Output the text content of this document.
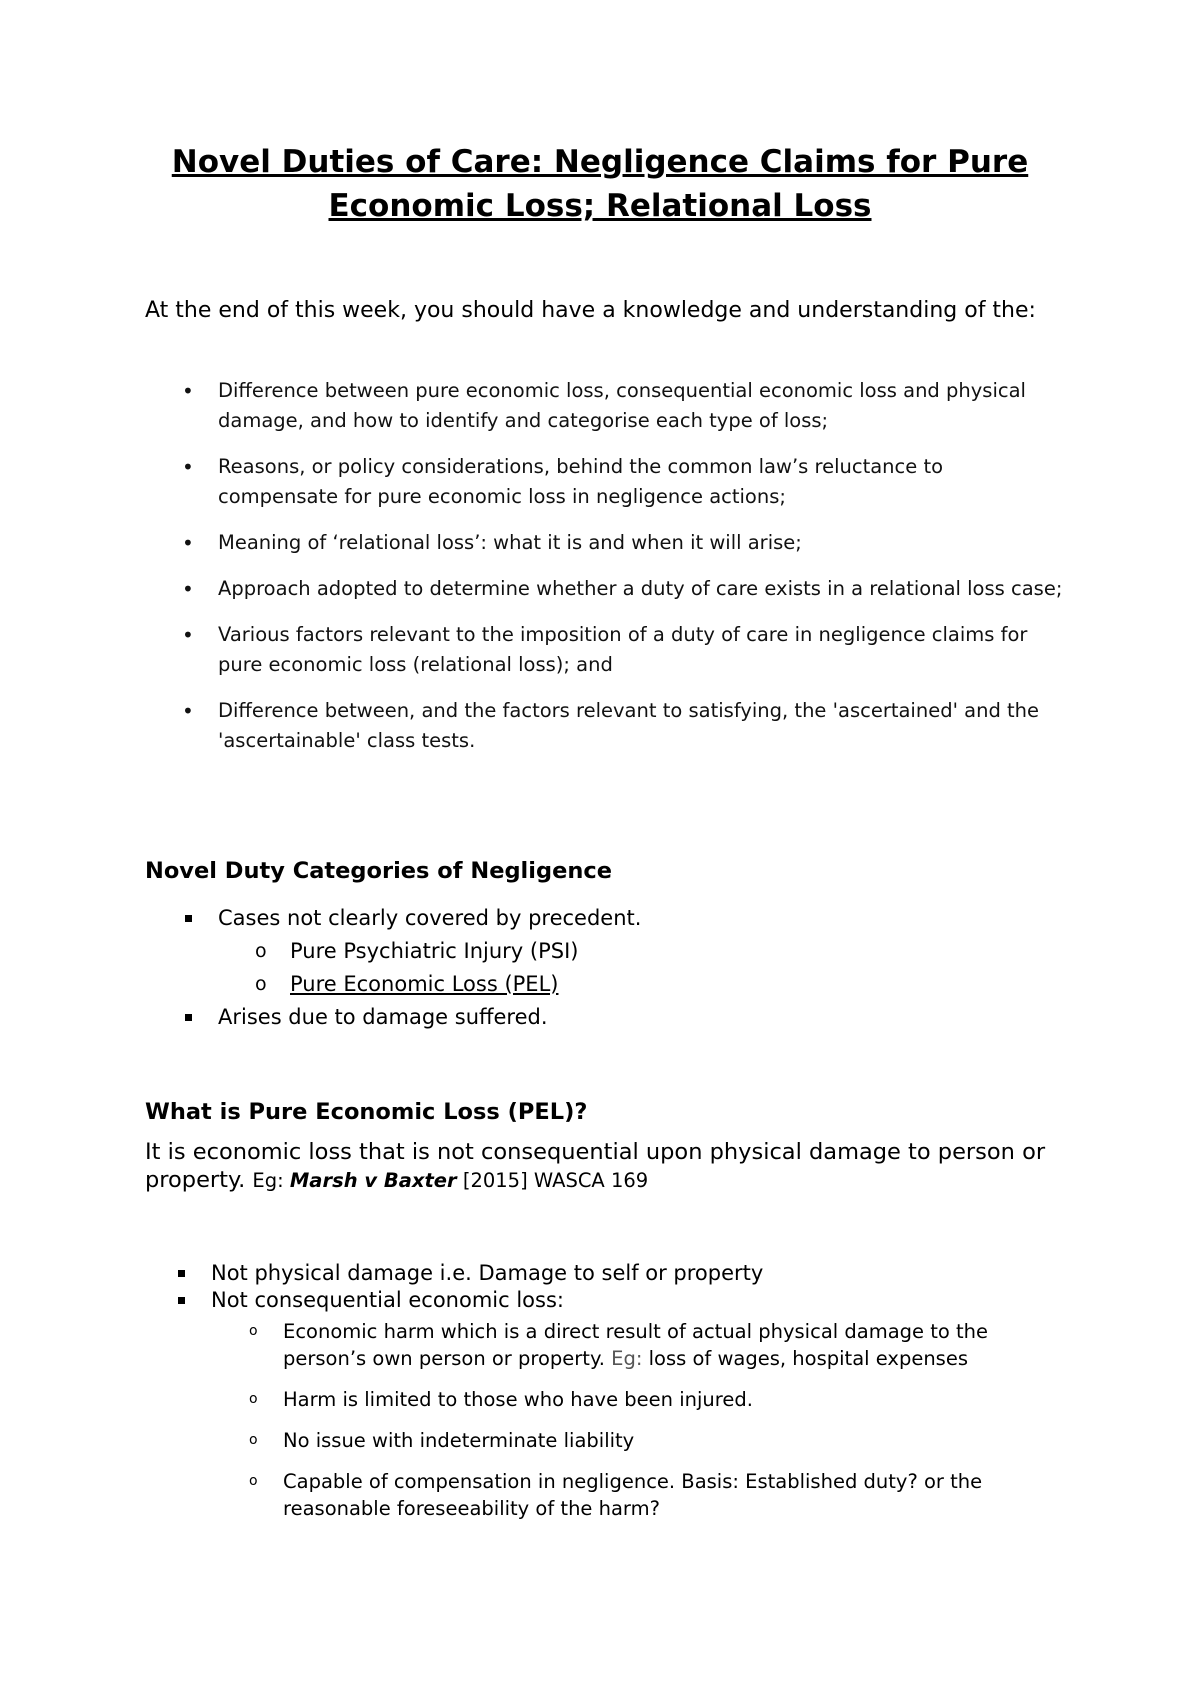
Novel Duties of Care: Negligence Claims for Pure
Economic Loss; Relational Loss
At the end of this week, you should have a knowledge and understanding of the:
• Difference between pure economic loss, consequential economic loss and physical damage, and how to identify and categorise each type of loss;
• Reasons, or policy considerations, behind the common law’s reluctance to compensate for pure economic loss in negligence actions;
• Meaning of ‘relational loss’: what it is and when it will arise;
• Approach adopted to determine whether a duty of care exists in a relational loss case;
• Various factors relevant to the imposition of a duty of care in negligence claims for pure economic loss (relational loss); and
• Difference between, and the factors relevant to satisfying, the 'ascertained' and the 'ascertainable' class tests.
Novel Duty Categories of Negligence
Cases not clearly covered by precedent.
o Pure Psychiatric Injury (PSI)
o Pure Economic Loss (PEL)
Arises due to damage suffered.
What is Pure Economic Loss (PEL)?
It is economic loss that is not consequential upon physical damage to person or property. Eg: Marsh v Baxter [2015] WASCA 169
Not physical damage i.e. Damage to self or property
Not consequential economic loss:
o Economic harm which is a direct result of actual physical damage to the person’s own person or property. Eg: loss of wages, hospital expenses
o Harm is limited to those who have been injured.
o No issue with indeterminate liability
o Capable of compensation in negligence. Basis: Established duty? or the reasonable foreseeability of the harm?
